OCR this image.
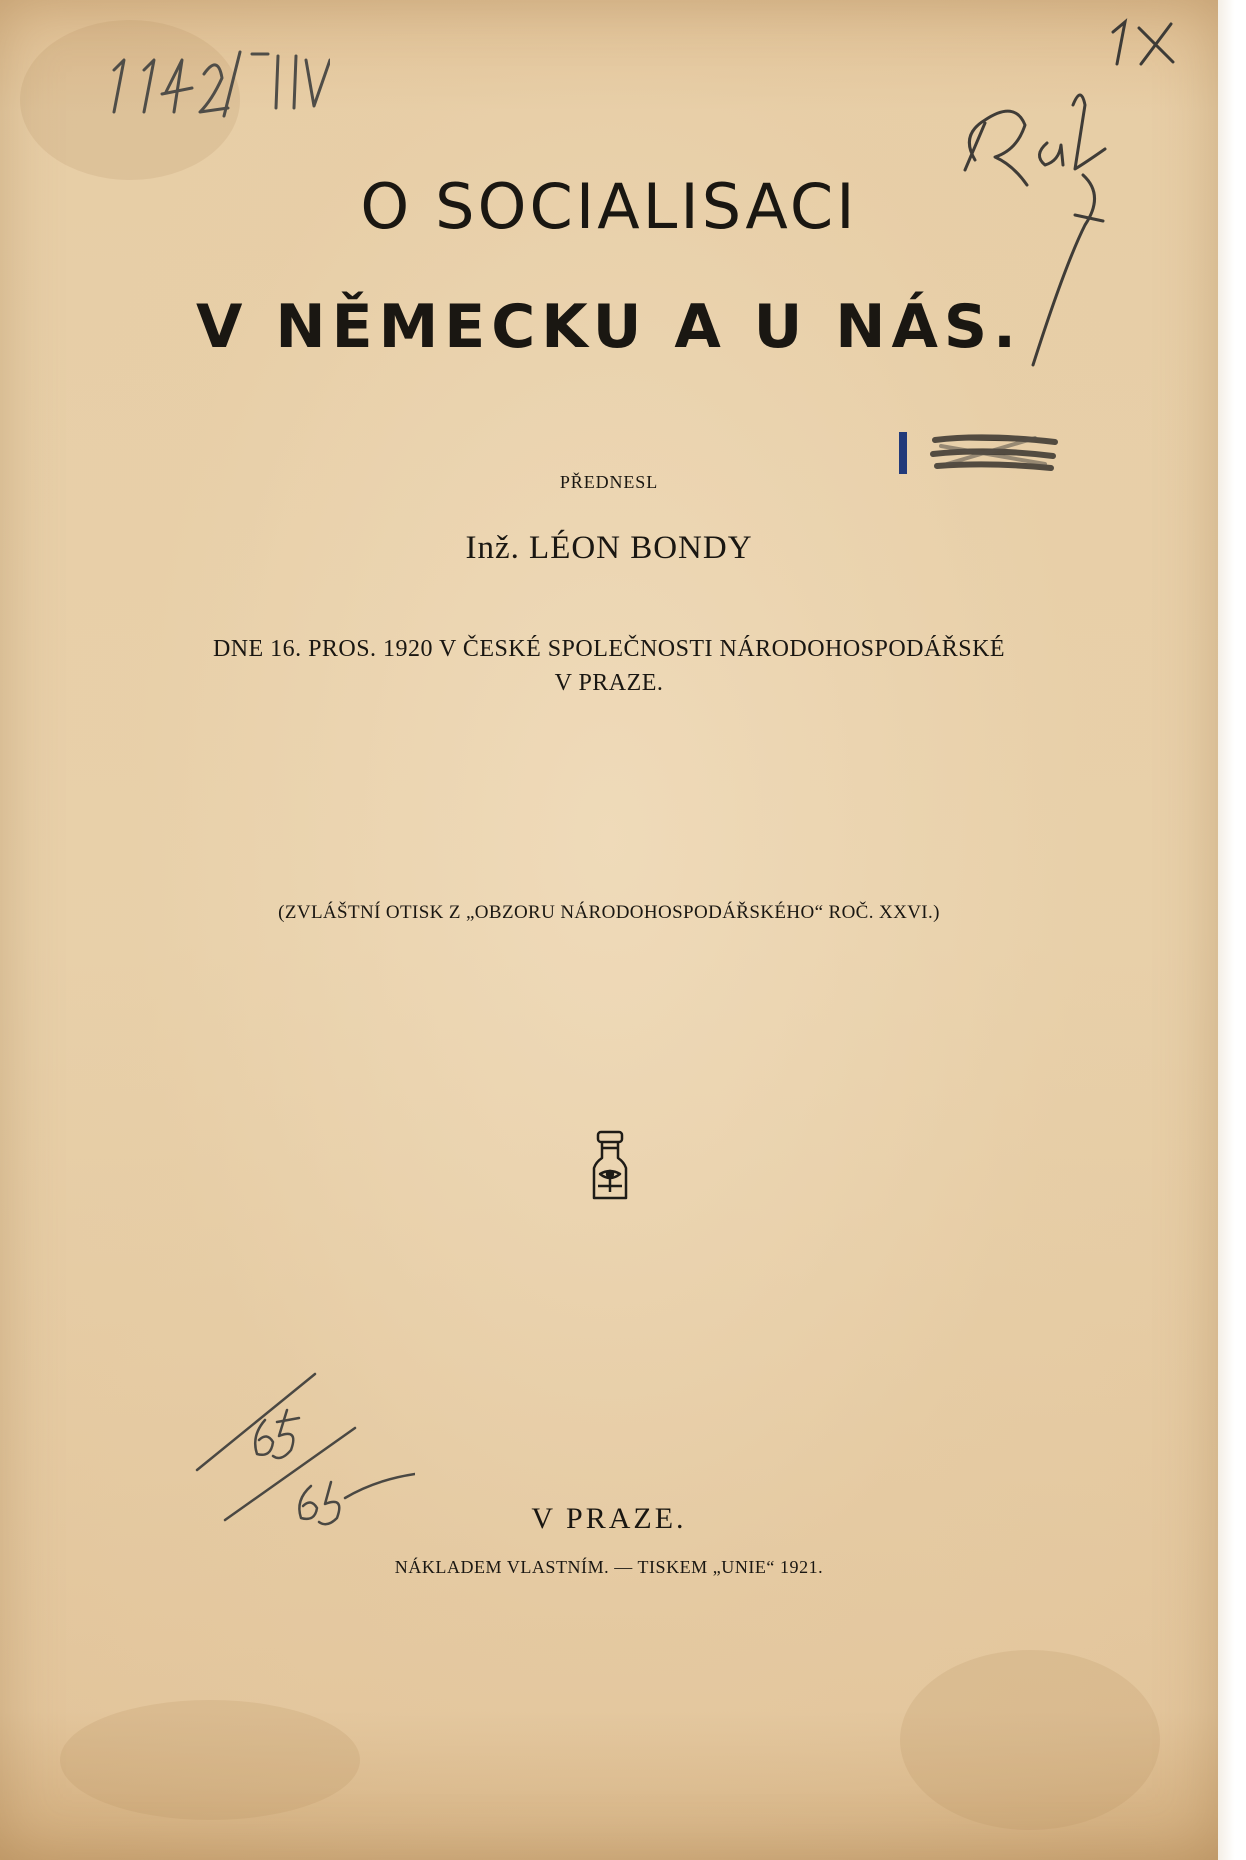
O SOCIALISACI
V NĚMECKU A U NÁS.

PŘEDNESL

Inž. LÉON BONDY

DNE 16. PROS. 1920 V ČESKÉ SPOLEČNOSTI NÁRODOHOSPODÁŘSKÉ

V PRAZE.

(ZVLÁŠTNÍ OTISK Z „OBZORU NÁRODOHOSPODÁŘSKÉHO“ ROČ. XXVI.)

V PRAZE.

NÁKLADEM VLASTNÍM. — TISKEM „UNIE“ 1921.
